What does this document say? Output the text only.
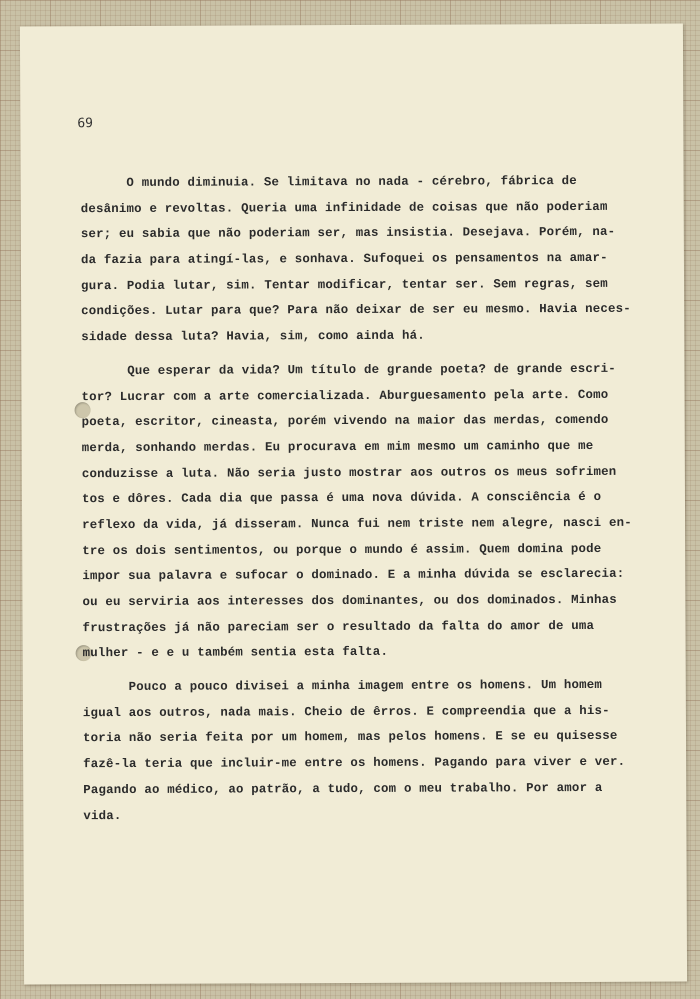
69
O mundo diminuia. Se limitava no nada - cérebro, fábrica de
desânimo e revoltas. Queria uma infinidade de coisas que não poderiam
ser; eu sabia que não poderiam ser, mas insistia. Desejava. Porém, na-
da fazia para atingí-las, e sonhava. Sufoquei os pensamentos na amar-
gura. Podia lutar, sim. Tentar modificar, tentar ser. Sem regras, sem
condições. Lutar para que? Para não deixar de ser eu mesmo. Havia neces-
sidade dessa luta? Havia, sim, como ainda há.
Que esperar da vida? Um título de grande poeta? de grande escri-
tor? Lucrar com a arte comercializada. Aburguesamento pela arte. Como
poeta, escritor, cineasta, porém vivendo na maior das merdas, comendo
merda, sonhando merdas. Eu procurava em mim mesmo um caminho que me
conduzisse a luta. Não seria justo mostrar aos outros os meus sofrimen
tos e dôres. Cada dia que passa é uma nova dúvida. A consciência é o
reflexo da vida, já disseram. Nunca fui nem triste nem alegre, nasci en-
tre os dois sentimentos, ou porque o mundo é assim. Quem domina pode
impor sua palavra e sufocar o dominado. E a minha dúvida se esclarecia:
ou eu serviria aos interesses dos dominantes, ou dos dominados. Minhas
frustrações já não pareciam ser o resultado da falta do amor de uma
mulher - e e u também sentia esta falta.
Pouco a pouco divisei a minha imagem entre os homens. Um homem
igual aos outros, nada mais. Cheio de êrros. E compreendia que a his-
toria não seria feita por um homem, mas pelos homens. E se eu quisesse
fazê-la teria que incluir-me entre os homens. Pagando para viver e ver.
Pagando ao médico, ao patrão, a tudo, com o meu trabalho. Por amor a
vida.
